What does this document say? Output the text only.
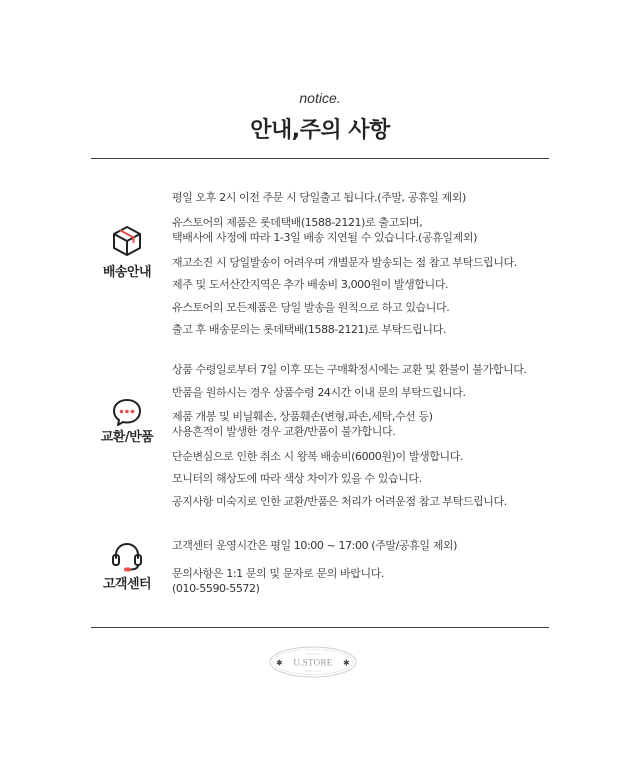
notice.
안내,주의 사항
배송안내
평일 오후 2시 이전 주문 시 당일출고 됩니다.(주말, 공휴일 제외)
유스토어의 제품은 롯데택배(1588-2121)로 출고되며,
택배사에 사정에 따라 1-3일 배송 지연될 수 있습니다.(공휴일제외)
재고소진 시 당일발송이 어려우며 개별문자 발송되는 점 참고 부탁드립니다.
제주 및 도서산간지역은 추가 배송비 3,000원이 발생합니다.
유스토어의 모든제품은 당일 발송을 원칙으로 하고 있습니다.
출고 후 배송문의는 롯데택배(1588-2121)로 부탁드립니다.
교환/반품
상품 수령일로부터 7일 이후 또는 구매확정시에는 교환 및 환불이 불가합니다.
반품을 원하시는 경우 상품수령 24시간 이내 문의 부탁드립니다.
제품 개봉 및 비닐훼손, 상품훼손(변형,파손,세탁,수선 등)
사용흔적이 발생한 경우 교환/반품이 불가합니다.
단순변심으로 인한 취소 시 왕복 배송비(6000원)이 발생합니다.
모니터의 해상도에 따라 색상 차이가 있을 수 있습니다.
공지사항 미숙지로 인한 교환/반품은 처리가 어려운점 참고 부탁드립니다.
고객센터
고객센터 운영시간은 평일 10:00 ~ 17:00 (주말/공휴일 제외)
문의사항은 1:1 문의 및 문자로 문의 바랍니다.
(010-5590-5572)
✱	✱
U.STORE
